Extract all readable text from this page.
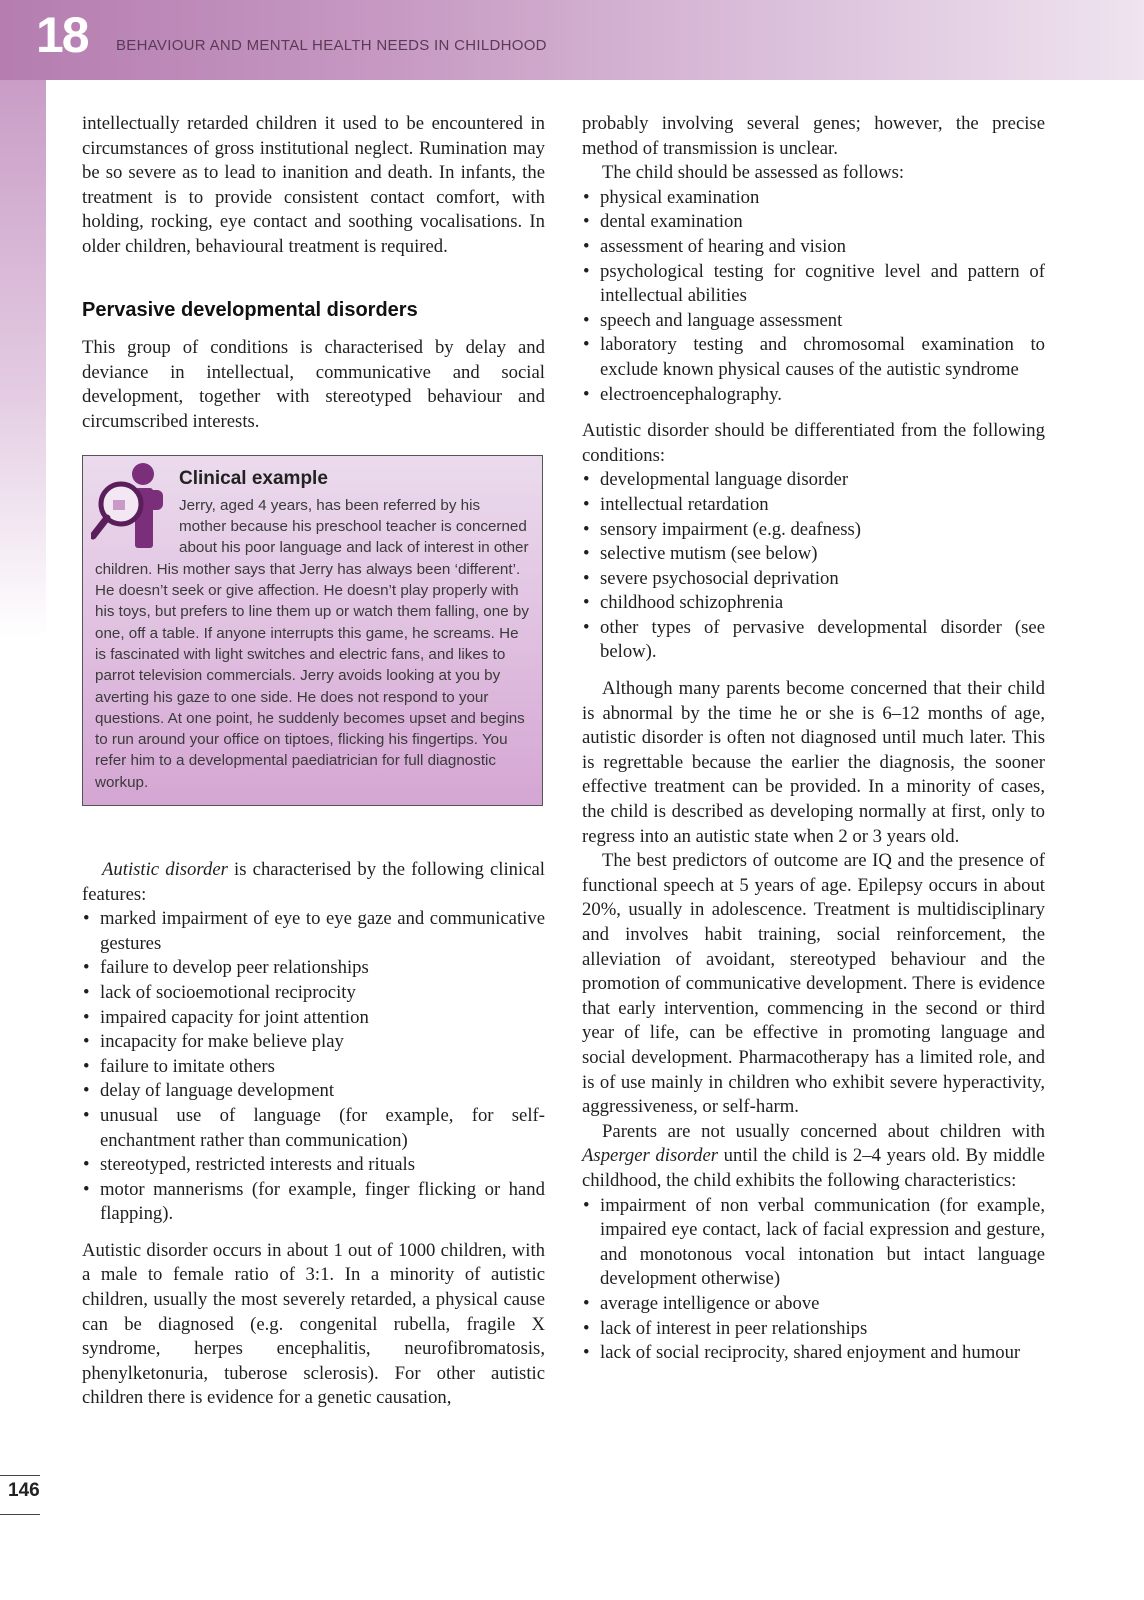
18 BEHAVIOUR AND MENTAL HEALTH NEEDS IN CHILDHOOD
146

intellectually retarded children it used to be encountered in circumstances of gross institutional neglect. Rumination may be so severe as to lead to inanition and death. In infants, the treatment is to provide consistent contact comfort, with holding, rocking, eye contact and soothing vocalisations. In older children, behavioural treatment is required.

Pervasive developmental disorders

This group of conditions is characterised by delay and deviance in intellectual, communicative and social development, together with stereotyped behaviour and circumscribed interests.

Clinical example

Jerry, aged 4 years, has been referred by his mother because his preschool teacher is concerned about his poor language and lack of interest in other children. His mother says that Jerry has always been ‘different’. He doesn’t seek or give affection. He doesn’t play properly with his toys, but prefers to line them up or watch them falling, one by one, off a table. If anyone interrupts this game, he screams. He is fascinated with light switches and electric fans, and likes to parrot television commercials. Jerry avoids looking at you by averting his gaze to one side. He does not respond to your questions. At one point, he suddenly becomes upset and begins to run around your office on tiptoes, flicking his fingertips. You refer him to a developmental paediatrician for full diagnostic workup.

Autistic disorder is characterised by the following clinical features:

• marked impairment of eye to eye gaze and communicative gestures
• failure to develop peer relationships
• lack of socioemotional reciprocity
• impaired capacity for joint attention
• incapacity for make believe play
• failure to imitate others
• delay of language development
• unusual use of language (for example, for self-enchantment rather than communication)
• stereotyped, restricted interests and rituals
• motor mannerisms (for example, finger flicking or hand flapping).

Autistic disorder occurs in about 1 out of 1000 children, with a male to female ratio of 3:1. In a minority of autistic children, usually the most severely retarded, a physical cause can be diagnosed (e.g. congenital rubella, fragile X syndrome, herpes encephalitis, neurofibromatosis, phenylketonuria, tuberose sclerosis). For other autistic children there is evidence for a genetic causation,

probably involving several genes; however, the precise method of transmission is unclear.

The child should be assessed as follows:

• physical examination
• dental examination
• assessment of hearing and vision
• psychological testing for cognitive level and pattern of intellectual abilities
• speech and language assessment
• laboratory testing and chromosomal examination to exclude known physical causes of the autistic syndrome
• electroencephalography.

Autistic disorder should be differentiated from the following conditions:

• developmental language disorder
• intellectual retardation
• sensory impairment (e.g. deafness)
• selective mutism (see below)
• severe psychosocial deprivation
• childhood schizophrenia
• other types of pervasive developmental disorder (see below).

Although many parents become concerned that their child is abnormal by the time he or she is 6–12 months of age, autistic disorder is often not diagnosed until much later. This is regrettable because the earlier the diagnosis, the sooner effective treatment can be provided. In a minority of cases, the child is described as developing normally at first, only to regress into an autistic state when 2 or 3 years old.

The best predictors of outcome are IQ and the presence of functional speech at 5 years of age. Epilepsy occurs in about 20%, usually in adolescence. Treatment is multidisciplinary and involves habit training, social reinforcement, the alleviation of avoidant, stereotyped behaviour and the promotion of communicative development. There is evidence that early intervention, commencing in the second or third year of life, can be effective in promoting language and social development. Pharmacotherapy has a limited role, and is of use mainly in children who exhibit severe hyperactivity, aggressiveness, or self-harm.

Parents are not usually concerned about children with Asperger disorder until the child is 2–4 years old. By middle childhood, the child exhibits the following characteristics:

• impairment of non verbal communication (for example, impaired eye contact, lack of facial expression and gesture, and monotonous vocal intonation but intact language development otherwise)
• average intelligence or above
• lack of interest in peer relationships
• lack of social reciprocity, shared enjoyment and humour
